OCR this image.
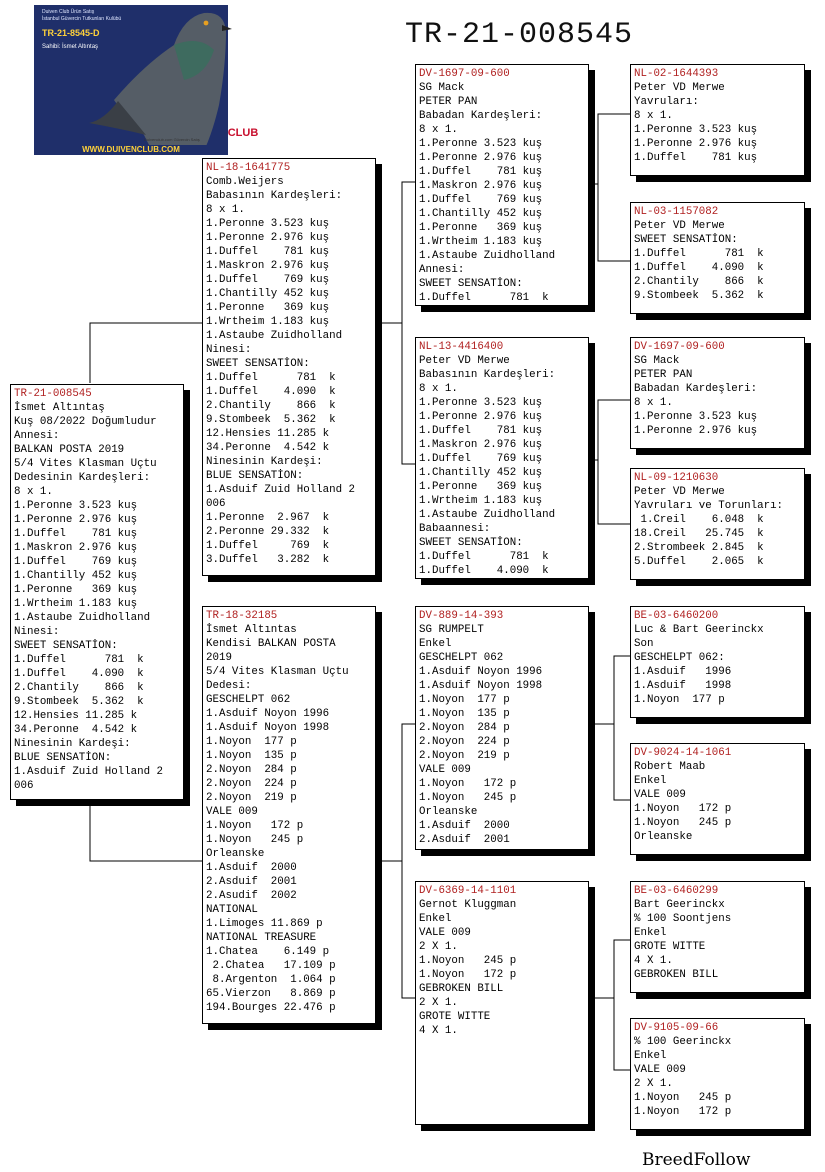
Duiven Club Ürün Satış
İstanbul Güvercin Tutkunları Kulübü
TR-21-8545-D
Sahibi: İsmet Altıntaş
CLUB
Duivenclub.com Güvercin Satış
WWW.DUIVENCLUB.COM
TR-21-008545
TR-21-008545
İsmet Altıntaş
Kuş 08/2022 Doğumludur
Annesi:
BALKAN POSTA 2019
5/4 Vites Klasman Uçtu
Dedesinin Kardeşleri:
8 x 1.
1.Peronne 3.523 kuş
1.Peronne 2.976 kuş
1.Duffel    781 kuş
1.Maskron 2.976 kuş
1.Duffel    769 kuş
1.Chantilly 452 kuş
1.Peronne   369 kuş
1.Wrtheim 1.183 kuş
1.Astaube Zuidholland
Ninesi:
SWEET SENSATİON:
1.Duffel      781  k
1.Duffel    4.090  k
2.Chantily    866  k
9.Stombeek  5.362  k
12.Hensies 11.285 k
34.Peronne  4.542 k
Ninesinin Kardeşi:
BLUE SENSATİON:
1.Asduif Zuid Holland 2
006
NL-18-1641775
Comb.Weijers
Babasının Kardeşleri:
8 x 1.
1.Peronne 3.523 kuş
1.Peronne 2.976 kuş
1.Duffel    781 kuş
1.Maskron 2.976 kuş
1.Duffel    769 kuş
1.Chantilly 452 kuş
1.Peronne   369 kuş
1.Wrtheim 1.183 kuş
1.Astaube Zuidholland
Ninesi:
SWEET SENSATİON:
1.Duffel      781  k
1.Duffel    4.090  k
2.Chantily    866  k
9.Stombeek  5.362  k
12.Hensies 11.285 k
34.Peronne  4.542 k
Ninesinin Kardeşi:
BLUE SENSATİON:
1.Asduif Zuid Holland 2
006
1.Peronne  2.967  k
2.Peronne 29.332  k
1.Duffel     769  k
3.Duffel   3.282  k
TR-18-32185
İsmet Altıntas
Kendisi BALKAN POSTA
2019
5/4 Vites Klasman Uçtu
Dedesi:
GESCHELPT 062
1.Asduif Noyon 1996
1.Asduif Noyon 1998
1.Noyon  177 p
1.Noyon  135 p
2.Noyon  284 p
2.Noyon  224 p
2.Noyon  219 p
VALE 009
1.Noyon   172 p
1.Noyon   245 p
Orleanske
1.Asduif  2000
2.Asduif  2001
2.Asudif  2002
NATIONAL
1.Limoges 11.869 p
NATIONAL TREASURE
1.Chatea    6.149 p
2.Chatea   17.109 p
8.Argenton  1.064 p
65.Vierzon   8.869 p
194.Bourges 22.476 p
DV-1697-09-600
SG Mack
PETER PAN
Babadan Kardeşleri:
8 x 1.
1.Peronne 3.523 kuş
1.Peronne 2.976 kuş
1.Duffel    781 kuş
1.Maskron 2.976 kuş
1.Duffel    769 kuş
1.Chantilly 452 kuş
1.Peronne   369 kuş
1.Wrtheim 1.183 kuş
1.Astaube Zuidholland
Annesi:
SWEET SENSATİON:
1.Duffel      781  k
NL-13-4416400
Peter VD Merwe
Babasının Kardeşleri:
8 x 1.
1.Peronne 3.523 kuş
1.Peronne 2.976 kuş
1.Duffel    781 kuş
1.Maskron 2.976 kuş
1.Duffel    769 kuş
1.Chantilly 452 kuş
1.Peronne   369 kuş
1.Wrtheim 1.183 kuş
1.Astaube Zuidholland
Babaannesi:
SWEET SENSATİON:
1.Duffel      781  k
1.Duffel    4.090  k
DV-889-14-393
SG RUMPELT
Enkel
GESCHELPT 062
1.Asduif Noyon 1996
1.Asduif Noyon 1998
1.Noyon  177 p
1.Noyon  135 p
2.Noyon  284 p
2.Noyon  224 p
2.Noyon  219 p
VALE 009
1.Noyon   172 p
1.Noyon   245 p
Orleanske
1.Asduif  2000
2.Asduif  2001
DV-6369-14-1101
Gernot Kluggman
Enkel
VALE 009
2 X 1.
1.Noyon   245 p
1.Noyon   172 p
GEBROKEN BILL
2 X 1.
GROTE WITTE
4 X 1.
NL-02-1644393
Peter VD Merwe
Yavruları:
8 x 1.
1.Peronne 3.523 kuş
1.Peronne 2.976 kuş
1.Duffel    781 kuş
NL-03-1157082
Peter VD Merwe
SWEET SENSATİON:
1.Duffel      781  k
1.Duffel    4.090  k
2.Chantily    866  k
9.Stombeek  5.362  k
DV-1697-09-600
SG Mack
PETER PAN
Babadan Kardeşleri:
8 x 1.
1.Peronne 3.523 kuş
1.Peronne 2.976 kuş
NL-09-1210630
Peter VD Merwe
Yavruları ve Torunları:
1.Creil    6.048  k
18.Creil   25.745  k
2.Strombeek 2.845  k
5.Duffel    2.065  k
BE-03-6460200
Luc & Bart Geerinckx
Son
GESCHELPT 062:
1.Asduif   1996
1.Asduif   1998
1.Noyon  177 p
DV-9024-14-1061
Robert Maab
Enkel
VALE 009
1.Noyon   172 p
1.Noyon   245 p
Orleanske
BE-03-6460299
Bart Geerinckx
% 100 Soontjens
Enkel
GROTE WITTE
4 X 1.
GEBROKEN BILL
DV-9105-09-66
% 100 Geerinckx
Enkel
VALE 009
2 X 1.
1.Noyon   245 p
1.Noyon   172 p
BreedFollow
